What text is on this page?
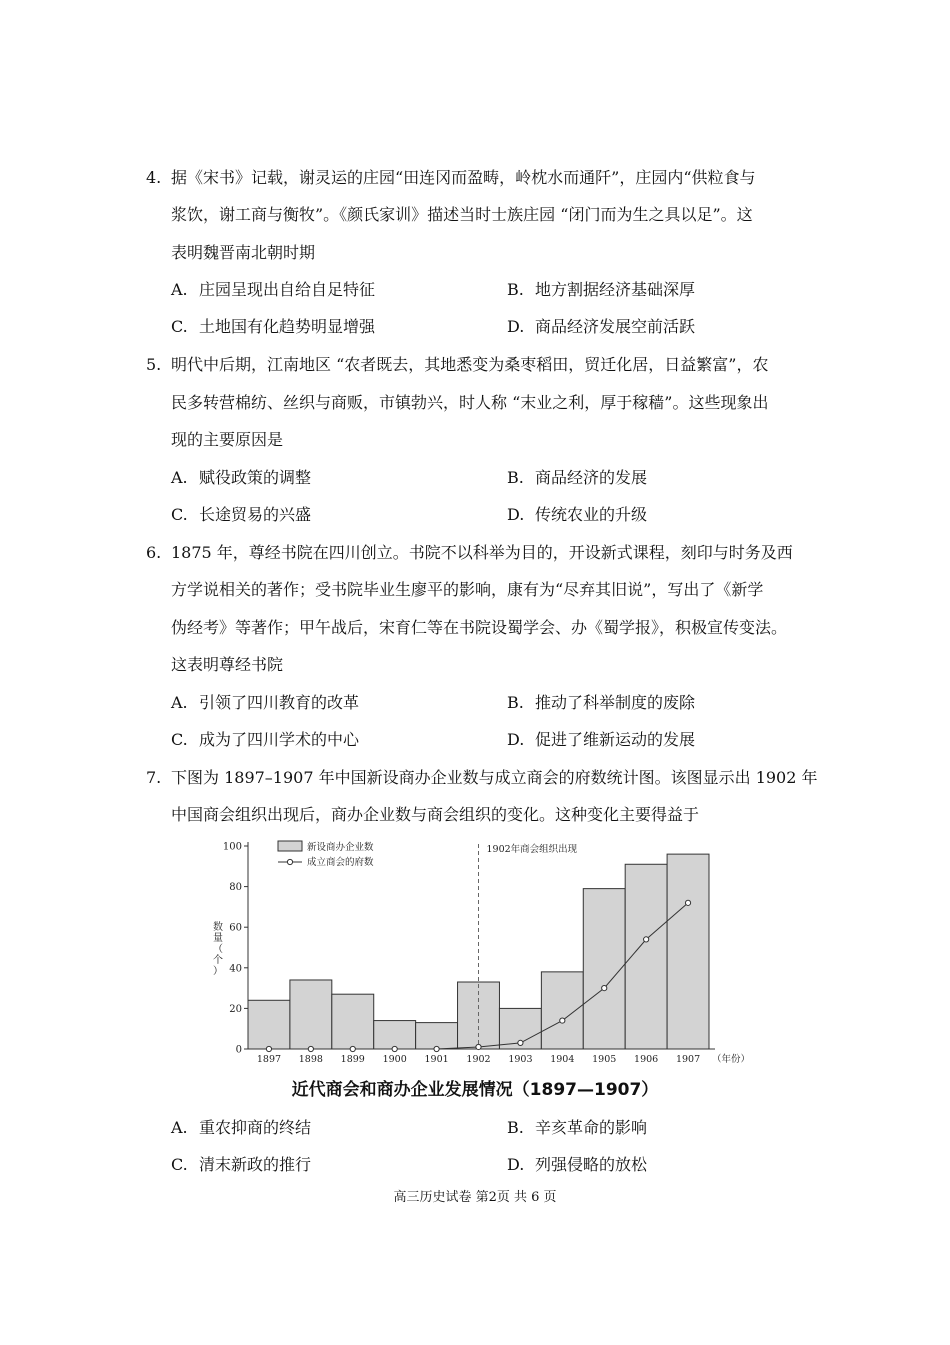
4. 据《宋书》记载，谢灵运的庄园“田连冈而盈畴，岭枕水而通阡”，庄园内“供粒食与
浆饮，谢工商与衡牧”。《颜氏家训》描述当时士族庄园 “闭门而为生之具以足”。这
表明魏晋南北朝时期
A. 庄园呈现出自给自足特征	B. 地方割据经济基础深厚
C. 土地国有化趋势明显增强	D. 商品经济发展空前活跃
5. 明代中后期，江南地区 “农者既去，其地悉变为桑枣稻田，贸迁化居，日益繁富”，农
民多转营棉纺、丝织与商贩，市镇勃兴，时人称 “末业之利，厚于稼穑”。这些现象出
现的主要原因是
A. 赋役政策的调整	B. 商品经济的发展
C. 长途贸易的兴盛	D. 传统农业的升级
6. 1875 年，尊经书院在四川创立。书院不以科举为目的，开设新式课程，刻印与时务及西
方学说相关的著作；受书院毕业生廖平的影响，康有为“尽弃其旧说”，写出了《新学
伪经考》等著作；甲午战后，宋育仁等在书院设蜀学会、办《蜀学报》，积极宣传变法。
这表明尊经书院
A. 引领了四川教育的改革	B. 推动了科举制度的废除
C. 成为了四川学术的中心	D. 促进了维新运动的发展
7. 下图为 1897–1907 年中国新设商办企业数与成立商会的府数统计图。该图显示出 1902 年
中国商会组织出现后，商办企业数与商会组织的变化。这种变化主要得益于
0
20
40
60
80
100
数
量
（
个
）
1897 1898 1899 1900 1901 1902 1903 1904 1905 1906 1907 （年份）
1902年商会组织出现
新设商办企业数
成立商会的府数
近代商会和商办企业发展情况（1897—1907）
A. 重农抑商的终结	B. 辛亥革命的影响
C. 清末新政的推行	D. 列强侵略的放松
高三历史试卷 第2页 共 6 页
